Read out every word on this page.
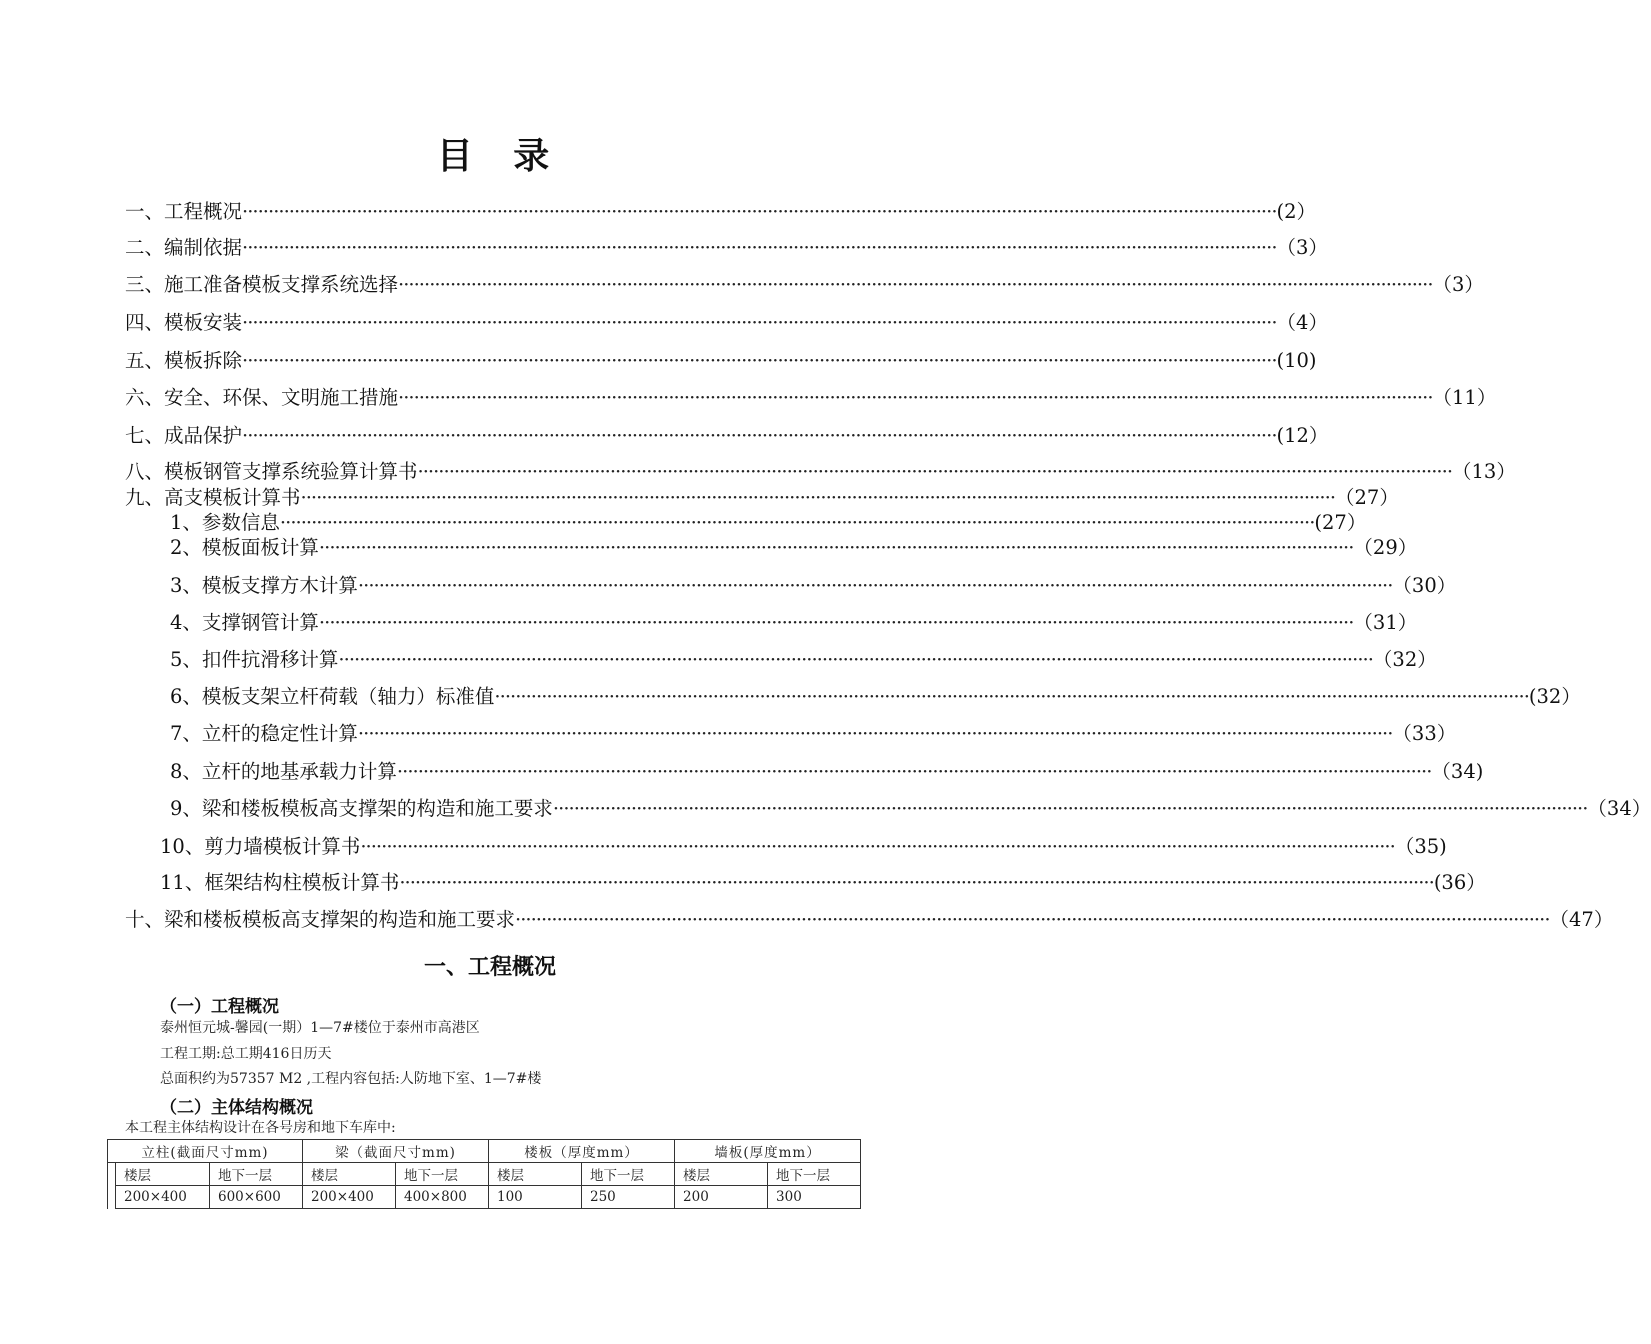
目 录
一、工程概况 ······································································································································································································· (2）
二、编制依据 ······································································································································································································· （3）
三、施工准备模板支撑系统选择 ······································································································································································································· （3）
四、模板安装 ······································································································································································································· （4）
五、模板拆除 ······································································································································································································· (10)
六、安全、环保、文明施工措施 ······································································································································································································· （11）
七、成品保护 ······································································································································································································· (12）
八、模板钢管支撑系统验算计算书 ······································································································································································································· （13）
九、高支模板计算书 ······································································································································································································· （27）
1、参数信息 ······································································································································································································· (27）
2、模板面板计算 ······································································································································································································· （29）
3、模板支撑方木计算 ······································································································································································································· （30）
4、支撑钢管计算 ······································································································································································································· （31）
5、扣件抗滑移计算 ······································································································································································································· （32）
6、模板支架立杆荷载（轴力）标准值 ······································································································································································································· (32）
7、立杆的稳定性计算 ······································································································································································································· （33）
8、立杆的地基承载力计算 ······································································································································································································· （34)
9、梁和楼板模板高支撑架的构造和施工要求 ······································································································································································································· （34）
10、剪力墙模板计算书 ······································································································································································································· （35)
11、框架结构柱模板计算书 ······································································································································································································· (36）
十、梁和楼板模板高支撑架的构造和施工要求 ······································································································································································································· （47）
一、工程概况
（一）工程概况
泰州恒元城-馨园(一期）1—7#楼位于泰州市高港区
工程工期:总工期416日历天
总面积约为57357 M2 ,工程内容包括:人防地下室、1—7#楼
（二）主体结构概况
本工程主体结构设计在各号房和地下车库中:
立柱(截面尺寸mm)			梁（截面尺寸mm)		楼板（厚度mm）		墙板(厚度mm）	
	楼层	地下一层	楼层	地下一层	楼层	地下一层	楼层	地下一层
	200×400	600×600	200×400	400×800	100	250	200	300
